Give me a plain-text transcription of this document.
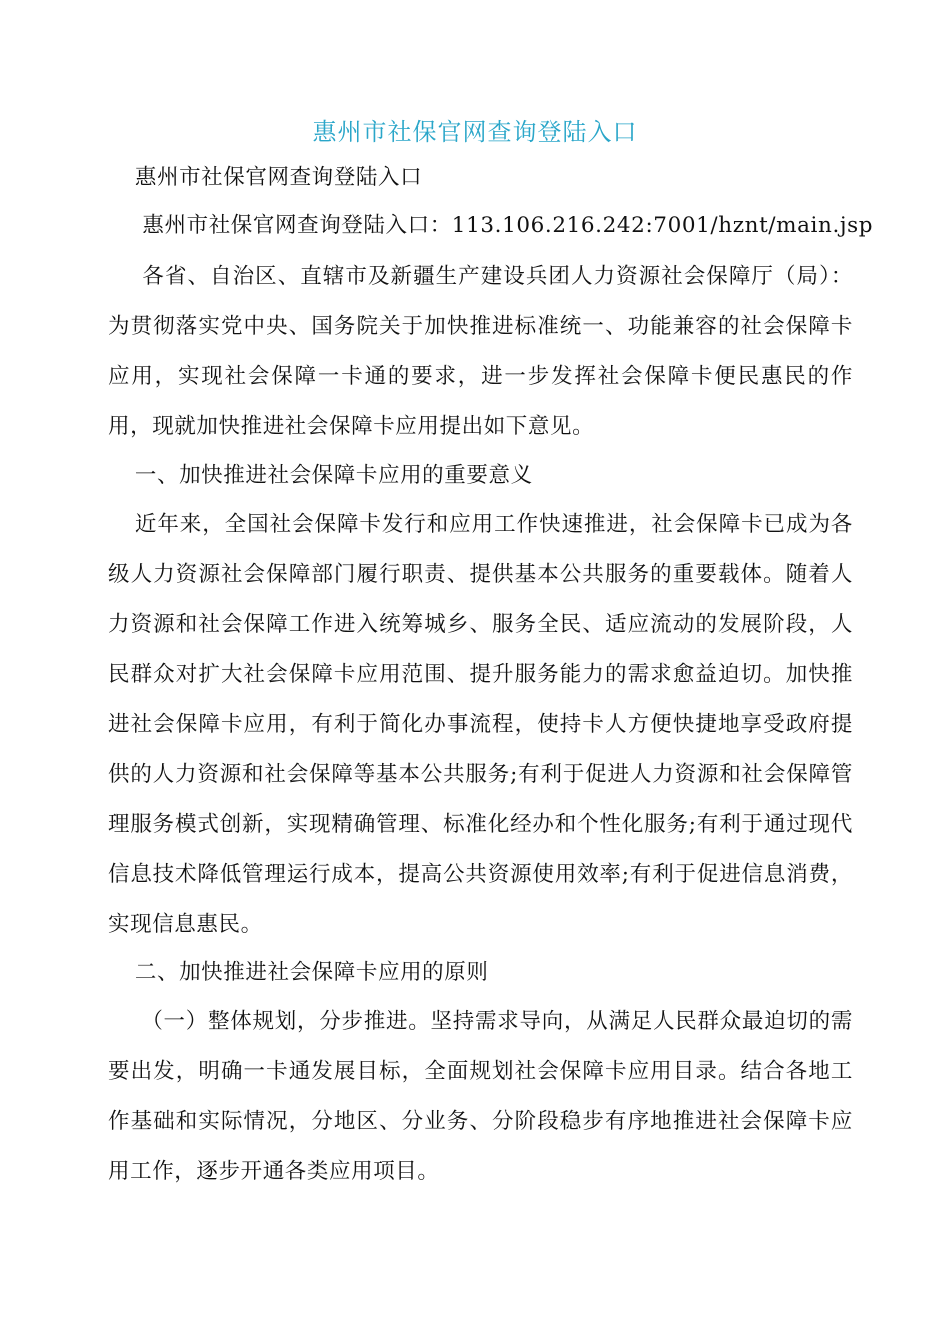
惠州市社保官网查询登陆入口

惠州市社保官网查询登陆入口

惠州市社保官网查询登陆入口：113.106.216.242:7001/hznt/main.jsp

各省、自治区、直辖市及新疆生产建设兵团人力资源社会保障厅（局）：为贯彻落实党中央、国务院关于加快推进标准统一、功能兼容的社会保障卡应用，实现社会保障一卡通的要求，进一步发挥社会保障卡便民惠民的作用，现就加快推进社会保障卡应用提出如下意见。

一、加快推进社会保障卡应用的重要意义

近年来，全国社会保障卡发行和应用工作快速推进，社会保障卡已成为各级人力资源社会保障部门履行职责、提供基本公共服务的重要载体。随着人力资源和社会保障工作进入统筹城乡、服务全民、适应流动的发展阶段，人民群众对扩大社会保障卡应用范围、提升服务能力的需求愈益迫切。加快推进社会保障卡应用，有利于简化办事流程，使持卡人方便快捷地享受政府提供的人力资源和社会保障等基本公共服务;有利于促进人力资源和社会保障管理服务模式创新，实现精确管理、标准化经办和个性化服务;有利于通过现代信息技术降低管理运行成本，提高公共资源使用效率;有利于促进信息消费，实现信息惠民。

二、加快推进社会保障卡应用的原则

（一）整体规划，分步推进。坚持需求导向，从满足人民群众最迫切的需要出发，明确一卡通发展目标，全面规划社会保障卡应用目录。结合各地工作基础和实际情况，分地区、分业务、分阶段稳步有序地推进社会保障卡应用工作，逐步开通各类应用项目。
